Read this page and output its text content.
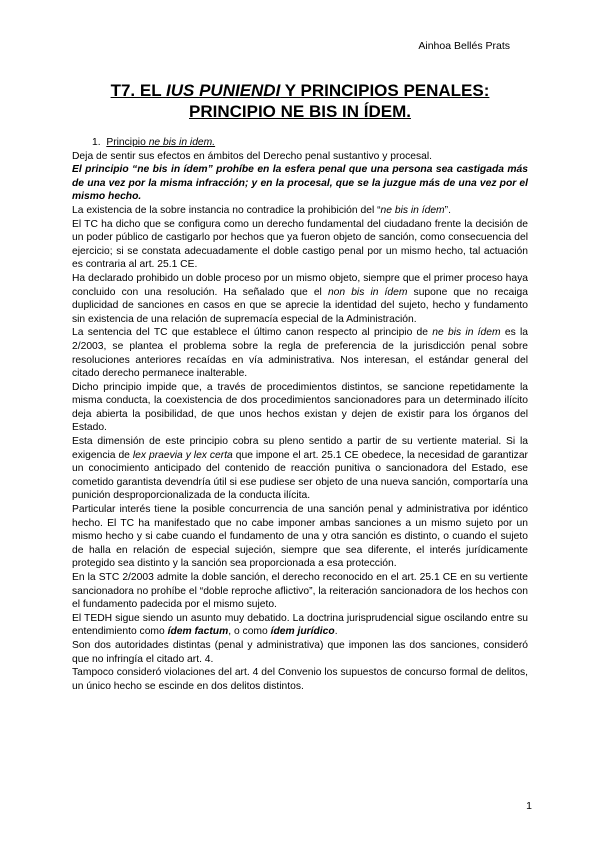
Ainhoa Bellés Prats
T7. EL IUS PUNIENDI Y PRINCIPIOS PENALES:
PRINCIPIO NE BIS IN ÍDEM.

1. Principio ne bis in idem.

Deja de sentir sus efectos en ámbitos del Derecho penal sustantivo y procesal.

El principio “ne bis in ídem” prohíbe en la esfera penal que una persona sea castigada más de una vez por la misma infracción; y en la procesal, que se la juzgue más de una vez por el mismo hecho.

La existencia de la sobre instancia no contradice la prohibición del “ne bis in ídem”.

El TC ha dicho que se configura como un derecho fundamental del ciudadano frente la decisión de un poder público de castigarlo por hechos que ya fueron objeto de sanción, como consecuencia del ejercicio; si se constata adecuadamente el doble castigo penal por un mismo hecho, tal actuación es contraria al art. 25.1 CE.

Ha declarado prohibido un doble proceso por un mismo objeto, siempre que el primer proceso haya concluido con una resolución. Ha señalado que el non bis in ídem supone que no recaiga duplicidad de sanciones en casos en que se aprecie la identidad del sujeto, hecho y fundamento sin existencia de una relación de supremacía especial de la Administración.

La sentencia del TC que establece el último canon respecto al principio de ne bis in ídem es la 2/2003, se plantea el problema sobre la regla de preferencia de la jurisdicción penal sobre resoluciones anteriores recaídas en vía administrativa. Nos interesan, el estándar general del citado derecho permanece inalterable.

Dicho principio impide que, a través de procedimientos distintos, se sancione repetidamente la misma conducta, la coexistencia de dos procedimientos sancionadores para un determinado ilícito deja abierta la posibilidad, de que unos hechos existan y dejen de existir para los órganos del Estado.

Esta dimensión de este principio cobra su pleno sentido a partir de su vertiente material. Si la exigencia de lex praevia y lex certa que impone el art. 25.1 CE obedece, la necesidad de garantizar un conocimiento anticipado del contenido de reacción punitiva o sancionadora del Estado, ese cometido garantista devendría útil si ese pudiese ser objeto de una nueva sanción, comportaría una punición desproporcionalizada de la conducta ilícita.

Particular interés tiene la posible concurrencia de una sanción penal y administrativa por idéntico hecho. El TC ha manifestado que no cabe imponer ambas sanciones a un mismo sujeto por un mismo hecho y si cabe cuando el fundamento de una y otra sanción es distinto, o cuando el sujeto de halla en relación de especial sujeción, siempre que sea diferente, el interés jurídicamente protegido sea distinto y la sanción sea proporcionada a esa protección.

En la STC 2/2003 admite la doble sanción, el derecho reconocido en el art. 25.1 CE en su vertiente sancionadora no prohíbe el “doble reproche aflictivo”, la reiteración sancionadora de los hechos con el fundamento padecida por el mismo sujeto.

El TEDH sigue siendo un asunto muy debatido. La doctrina jurisprudencial sigue oscilando entre su entendimiento como ídem factum, o como ídem jurídico.

Son dos autoridades distintas (penal y administrativa) que imponen las dos sanciones, consideró que no infringía el citado art. 4.

Tampoco consideró violaciones del art. 4 del Convenio los supuestos de concurso formal de delitos, un único hecho se escinde en dos delitos distintos.

1
